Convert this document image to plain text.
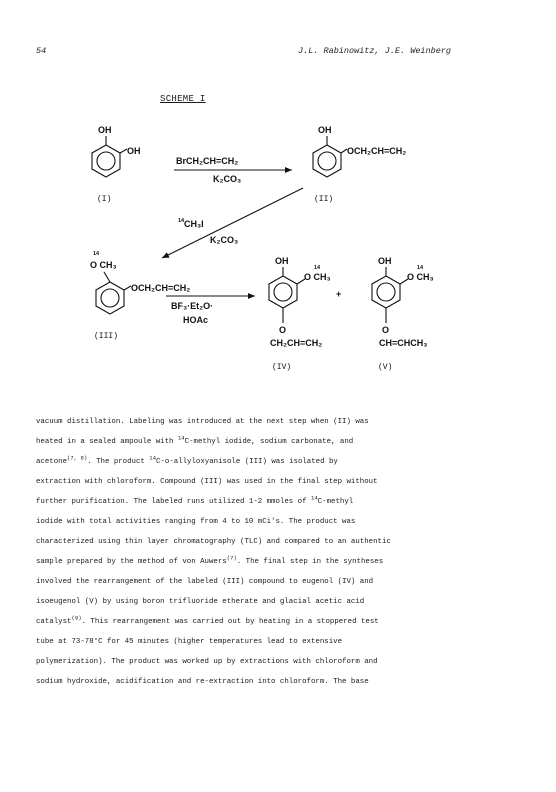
54	J.L. Rabinowitz, J.E. Weinberg
SCHEME I
OH
OH
(I)
BrCH₂CH=CH₂
K₂CO₃
OH
OCH₂CH=CH₂
(II)
14 CH₃I
K₂CO₃
14
O CH₃
OCH₂CH=CH₂
(III)
BF₃·Et₂O·
HOAc
OH
14
O CH₃
O
CH₂CH=CH₂
(IV)
+
OH
14
O CH₃
O
CH=CHCH₃
(V)
vacuum distillation. Labeling was introduced at the next step when (II) was
heated in a sealed ampoule with $^{14}$C-methyl iodide, sodium carbonate, and
acetone$^{(7, 8)}$. The product $^{14}$C-o-allyloxyanisole (III) was isolated by
extraction with chloroform. Compound (III) was used in the final step without
further purification. The labeled runs utilized 1-2 mmoles of $^{14}$C-methyl
iodide with total activities ranging from 4 to 10 mCi's. The product was
characterized using thin layer chromatography (TLC) and compared to an authentic
sample prepared by the method of von Auwers$^{(7)}$. The final step in the syntheses
involved the rearrangement of the labeled (III) compound to eugenol (IV) and
isoeugenol (V) by using boron trifluoride etherate and glacial acetic acid
catalyst$^{(9)}$. This rearrangement was carried out by heating in a stoppered test
tube at 73-78°C for 45 minutes (higher temperatures lead to extensive
polymerization). The product was worked up by extractions with chloroform and
sodium hydroxide, acidification and re-extraction into chloroform. The base
